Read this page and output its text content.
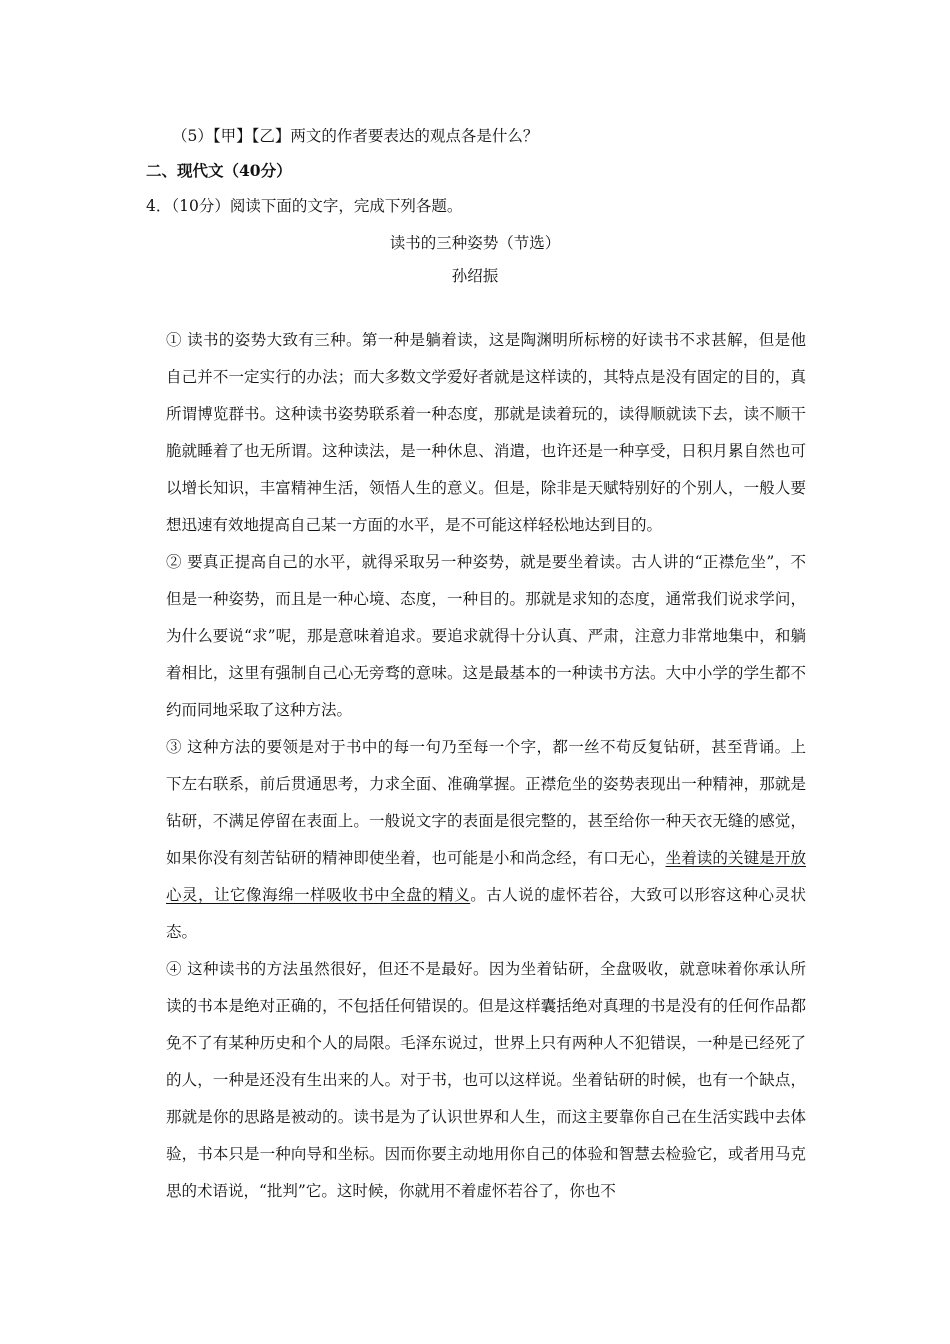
（5）【甲】【乙】两文的作者要表达的观点各是什么？
二、现代文（40分）
4．（10分）阅读下面的文字，完成下列各题。
读书的三种姿势（节选）
孙绍振

① 读书的姿势大致有三种。第一种是躺着读，这是陶渊明所标榜的好读书不求甚解，但是他自己并不一定实行的办法；而大多数文学爱好者就是这样读的，其特点是没有固定的目的，真所谓博览群书。这种读书姿势联系着一种态度，那就是读着玩的，读得顺就读下去，读不顺干脆就睡着了也无所谓。这种读法，是一种休息、消遣，也许还是一种享受，日积月累自然也可以增长知识，丰富精神生活，领悟人生的意义。但是，除非是天赋特别好的个别人，一般人要想迅速有效地提高自己某一方面的水平，是不可能这样轻松地达到目的。

② 要真正提高自己的水平，就得采取另一种姿势，就是要坐着读。古人讲的“正襟危坐”，不但是一种姿势，而且是一种心境、态度，一种目的。那就是求知的态度，通常我们说求学问，为什么要说“求”呢，那是意味着追求。要追求就得十分认真、严肃，注意力非常地集中，和躺着相比，这里有强制自己心无旁骛的意味。这是最基本的一种读书方法。大中小学的学生都不约而同地采取了这种方法。

③ 这种方法的要领是对于书中的每一句乃至每一个字，都一丝不苟反复钻研，甚至背诵。上下左右联系，前后贯通思考，力求全面、准确掌握。正襟危坐的姿势表现出一种精神，那就是钻研，不满足停留在表面上。一般说文字的表面是很完整的，甚至给你一种天衣无缝的感觉，如果你没有刻苦钻研的精神即使坐着，也可能是小和尚念经，有口无心，坐着读的关键是开放心灵，让它像海绵一样吸收书中全盘的精义。古人说的虚怀若谷，大致可以形容这种心灵状态。

④ 这种读书的方法虽然很好，但还不是最好。因为坐着钻研，全盘吸收，就意味着你承认所读的书本是绝对正确的，不包括任何错误的。但是这样囊括绝对真理的书是没有的任何作品都免不了有某种历史和个人的局限。毛泽东说过，世界上只有两种人不犯错误，一种是已经死了的人，一种是还没有生出来的人。对于书，也可以这样说。坐着钻研的时候，也有一个缺点，那就是你的思路是被动的。读书是为了认识世界和人生，而这主要靠你自己在生活实践中去体验，书本只是一种向导和坐标。因而你要主动地用你自己的体验和智慧去检验它，或者用马克思的术语说，“批判”它。这时候，你就用不着虚怀若谷了，你也不
